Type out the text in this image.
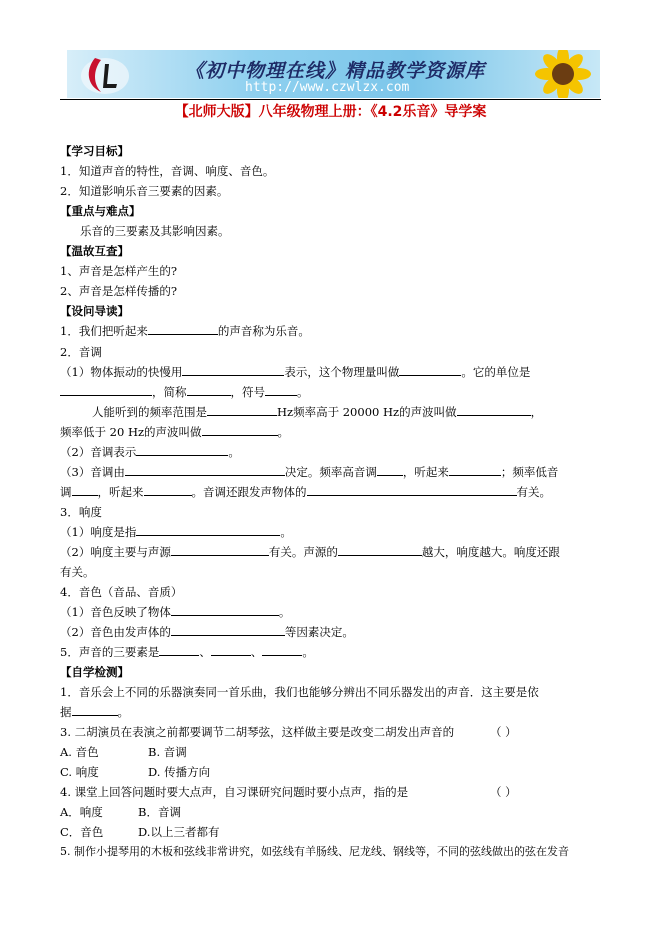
《初中物理在线》精品教学资源库
http://www.czwlzx.com
【北师大版】八年级物理上册：《4.2乐音》导学案
【学习目标】
1．知道声音的特性，音调、响度、音色。
2．知道影响乐音三要素的因素。
【重点与难点】
乐音的三要素及其影响因素。
【温故互查】
1、声音是怎样产生的?
2、声音是怎样传播的?
【设问导读】
1．我们把听起来	的声音称为乐音。
2．音调
（1）物体振动的快慢用	表示，这个物理量叫做	。它的单位是
，简称	，符号	。
人能听到的频率范围是	Hz频率高于 20000 Hz的声波叫做	，
频率低于 20 Hz的声波叫做	。
（2）音调表示	。
（3）音调由	决定。频率高音调 ，听起来	；频率低音
调 ，听起来	。音调还跟发声物体的	有关。
3．响度
（1）响度是指	。
（2）响度主要与声源	有关。声源的	越大，响度越大。响度还跟
有关。
4．音色（音品、音质）
（1）音色反映了物体	。
（2）音色由发声体的	等因素决定。
5．声音的三要素是	、	、	。
【自学检测】
1．音乐会上不同的乐器演奏同一首乐曲，我们也能够分辨出不同乐器发出的声音．这主要是依
据	。
3. 二胡演员在表演之前都要调节二胡琴弦，这样做主要是改变二胡发出声音的	（ ）
A. 音色	B. 音调
C. 响度	D. 传播方向
4. 课堂上回答问题时要大点声，自习课研究问题时要小点声，指的是	（ ）
A．响度	B．音调
C．音色	D.以上三者都有
5. 制作小提琴用的木板和弦线非常讲究，如弦线有羊肠线、尼龙线、钢线等，不同的弦线做出的弦在发音
